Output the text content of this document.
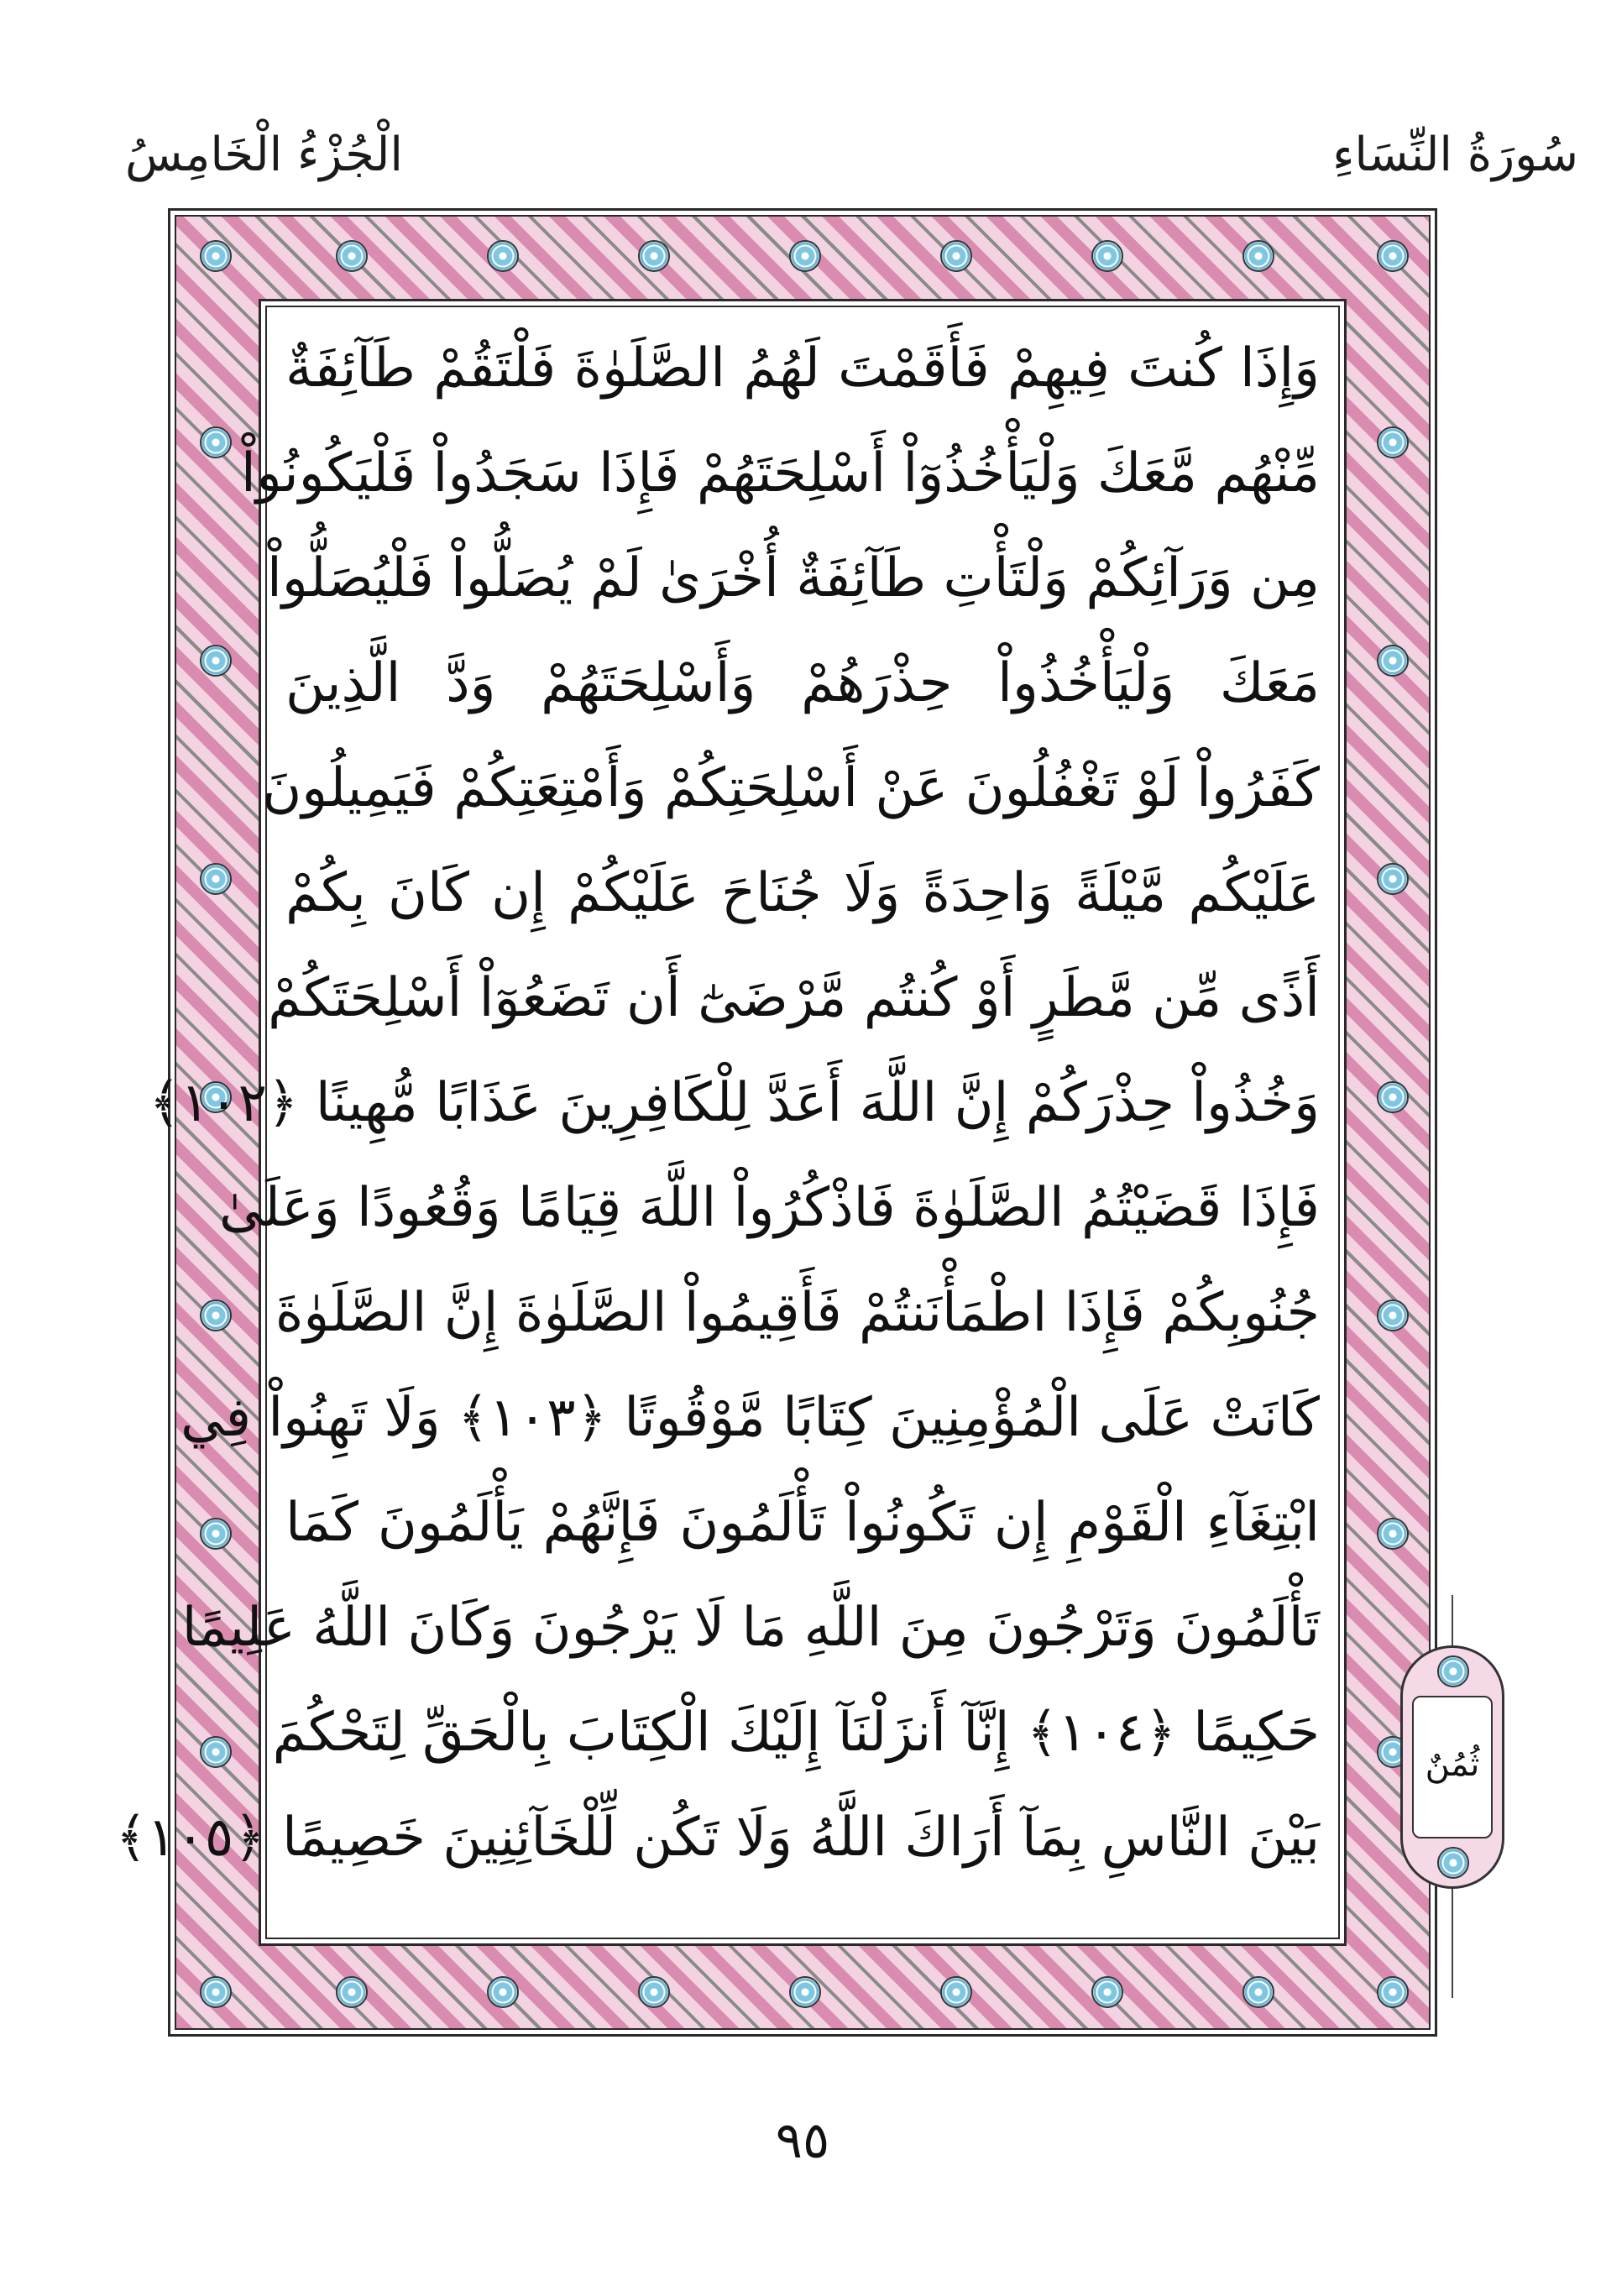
سُورَةُ النِّسَاءِ
الْجُزْءُ الْخَامِسُ
وَإِذَا كُنتَ فِيهِمْ فَأَقَمْتَ لَهُمُ الصَّلَوٰةَ فَلْتَقُمْ طَآئِفَةٌ
مِّنْهُم مَّعَكَ وَلْيَأْخُذُوٓاْ أَسْلِحَتَهُمْ فَإِذَا سَجَدُواْ فَلْيَكُونُواْ
مِن وَرَآئِكُمْ وَلْتَأْتِ طَآئِفَةٌ أُخْرَىٰ لَمْ يُصَلُّواْ فَلْيُصَلُّواْ
مَعَكَ وَلْيَأْخُذُواْ حِذْرَهُمْ وَأَسْلِحَتَهُمْ وَدَّ الَّذِينَ
كَفَرُواْ لَوْ تَغْفُلُونَ عَنْ أَسْلِحَتِكُمْ وَأَمْتِعَتِكُمْ فَيَمِيلُونَ
عَلَيْكُم مَّيْلَةً وَاحِدَةً وَلَا جُنَاحَ عَلَيْكُمْ إِن كَانَ بِكُمْ
أَذًى مِّن مَّطَرٍ أَوْ كُنتُم مَّرْضَىٰٓ أَن تَضَعُوٓاْ أَسْلِحَتَكُمْ
وَخُذُواْ حِذْرَكُمْ إِنَّ اللَّهَ أَعَدَّ لِلْكَافِرِينَ عَذَابًا مُّهِينًا ﴿١٠٢﴾
فَإِذَا قَضَيْتُمُ الصَّلَوٰةَ فَاذْكُرُواْ اللَّهَ قِيَامًا وَقُعُودًا وَعَلَىٰ
جُنُوبِكُمْ فَإِذَا اطْمَأْنَنتُمْ فَأَقِيمُواْ الصَّلَوٰةَ إِنَّ الصَّلَوٰةَ
كَانَتْ عَلَى الْمُؤْمِنِينَ كِتَابًا مَّوْقُوتًا ﴿١٠٣﴾ وَلَا تَهِنُواْ فِي
ابْتِغَآءِ الْقَوْمِ إِن تَكُونُواْ تَأْلَمُونَ فَإِنَّهُمْ يَأْلَمُونَ كَمَا
تَأْلَمُونَ وَتَرْجُونَ مِنَ اللَّهِ مَا لَا يَرْجُونَ وَكَانَ اللَّهُ عَلِيمًا
حَكِيمًا ﴿١٠٤﴾ إِنَّآ أَنزَلْنَآ إِلَيْكَ الْكِتَابَ بِالْحَقِّ لِتَحْكُمَ
بَيْنَ النَّاسِ بِمَآ أَرَاكَ اللَّهُ وَلَا تَكُن لِّلْخَآئِنِينَ خَصِيمًا ﴿١٠٥﴾
ثُمُنٌ
٩٥
